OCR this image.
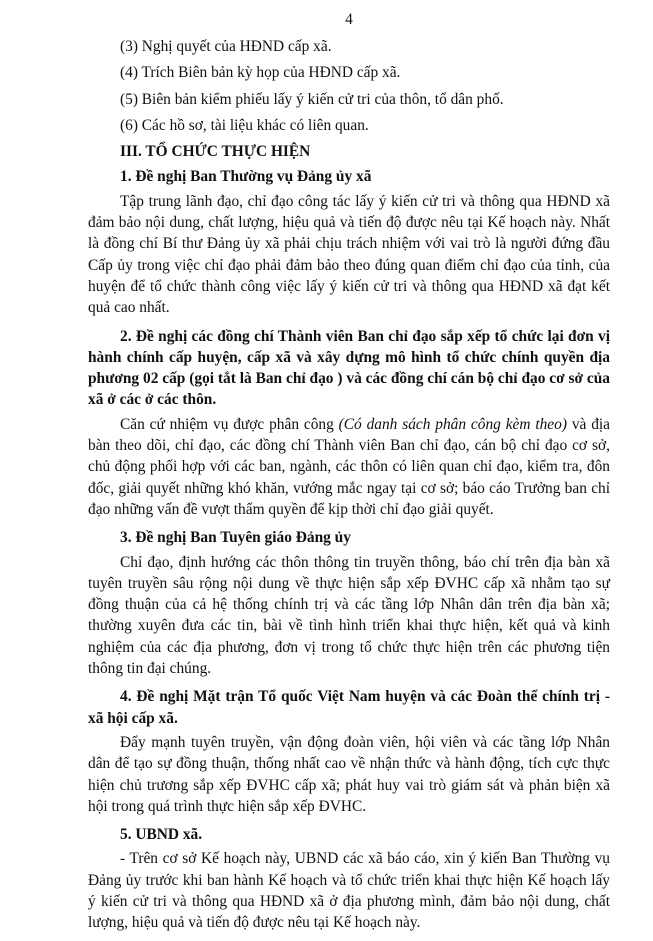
4

(3) Nghị quyết của HĐND cấp xã.

(4) Trích Biên bản kỳ họp của HĐND cấp xã.

(5) Biên bản kiểm phiếu lấy ý kiến cử tri của thôn, tổ dân phố.

(6) Các hồ sơ, tài liệu khác có liên quan.

III. TỔ CHỨC THỰC HIỆN

1. Đề nghị Ban Thường vụ Đảng ủy xã

Tập trung lãnh đạo, chỉ đạo công tác lấy ý kiến cử tri và thông qua HĐND xã đảm bảo nội dung, chất lượng, hiệu quả và tiến độ được nêu tại Kế hoạch này. Nhất là đồng chí Bí thư Đảng ủy xã phải chịu trách nhiệm với vai trò là người đứng đầu Cấp ủy trong việc chỉ đạo phải đảm bảo theo đúng quan điểm chỉ đạo của tỉnh, của huyện để tổ chức thành công việc lấy ý kiến cử tri và thông qua HĐND xã đạt kết quả cao nhất.

2. Đề nghị các đồng chí Thành viên Ban chỉ đạo sắp xếp tổ chức lại đơn vị hành chính cấp huyện, cấp xã và xây dựng mô hình tổ chức chính quyền địa phương 02 cấp (gọi tắt là Ban chỉ đạo ) và các đồng chí cán bộ chỉ đạo cơ sở của xã ở các ở các thôn.

Căn cứ nhiệm vụ được phân công (Có danh sách phân công kèm theo) và địa bàn theo dõi, chỉ đạo, các đồng chí Thành viên Ban chỉ đạo, cán bộ chỉ đạo cơ sở, chủ động phối hợp với các ban, ngành, các thôn có liên quan chỉ đạo, kiểm tra, đôn đốc, giải quyết những khó khăn, vướng mắc ngay tại cơ sở; báo cáo Trưởng ban chỉ đạo những vấn đề vượt thẩm quyền để kịp thời chỉ đạo giải quyết.

3. Đề nghị Ban Tuyên giáo Đảng ủy

Chỉ đạo, định hướng các thôn thông tin truyền thông, báo chí trên địa bàn xã tuyên truyền sâu rộng nội dung về thực hiện sắp xếp ĐVHC cấp xã nhằm tạo sự đồng thuận của cả hệ thống chính trị và các tầng lớp Nhân dân trên địa bàn xã; thường xuyên đưa các tin, bài về tình hình triển khai thực hiện, kết quả và kinh nghiệm của các địa phương, đơn vị trong tổ chức thực hiện trên các phương tiện thông tin đại chúng.

4. Đề nghị Mặt trận Tổ quốc Việt Nam huyện và các Đoàn thể chính trị - xã hội cấp xã.

Đẩy mạnh tuyên truyền, vận động đoàn viên, hội viên và các tầng lớp Nhân dân để tạo sự đồng thuận, thống nhất cao về nhận thức và hành động, tích cực thực hiện chủ trương sắp xếp ĐVHC cấp xã; phát huy vai trò giám sát và phản biện xã hội trong quá trình thực hiện sắp xếp ĐVHC.

5. UBND xã.

- Trên cơ sở Kế hoạch này, UBND các xã báo cáo, xin ý kiến Ban Thường vụ Đảng ủy trước khi ban hành Kế hoạch và tổ chức triển khai thực hiện Kế hoạch lấy ý kiến cử tri và thông qua HĐND xã ở địa phương mình, đảm bảo nội dung, chất lượng, hiệu quả và tiến độ được nêu tại Kế hoạch này.
